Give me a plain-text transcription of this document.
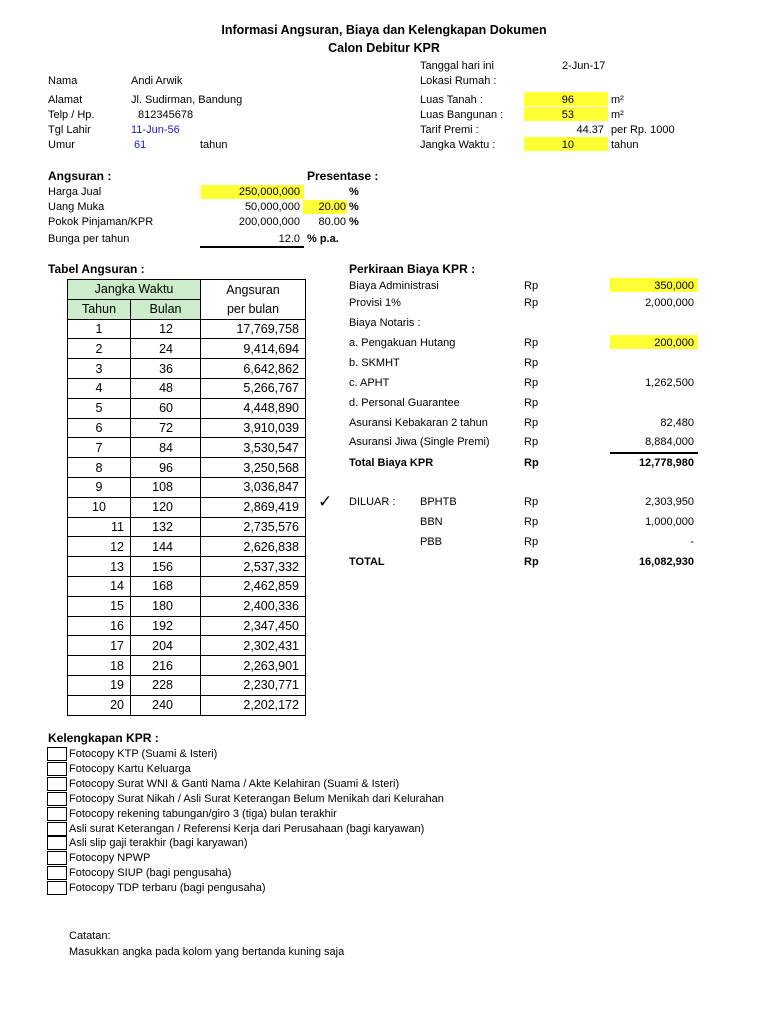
Informasi Angsuran, Biaya dan Kelengkapan Dokumen
Calon Debitur KPR
Nama	Andi Arwik
Alamat	Jl. Sudirman, Bandung
Telp / Hp.	812345678
Tgl Lahir	11-Jun-56
Umur	61	tahun
Tanggal hari ini	2-Jun-17
Lokasi Rumah :
Luas Tanah :	96	m²
Luas Bangunan :	53	m²
Tarif Premi :	44.37 per Rp. 1000
Jangka Waktu :	10	tahun
Angsuran :	Presentase :
Harga Jual	250,000,000	%
Uang Muka	50,000,000	20.00 %
Pokok Pinjaman/KPR	200,000,000	80.00 %
Bunga per tahun	12.0 % p.a.
Tabel Angsuran :
Jangka Waktu		Angsuran
Tahun	Bulan	per bulan
1	12	17,769,758
2	24	9,414,694
3	36	6,642,862
4	48	5,266,767
5	60	4,448,890
6	72	3,910,039
7	84	3,530,547
8	96	3,250,568
9	108	3,036,847
10	120	2,869,419
11	132	2,735,576
12	144	2,626,838
13	156	2,537,332
14	168	2,462,859
15	180	2,400,336
16	192	2,347,450
17	204	2,302,431
18	216	2,263,901
19	228	2,230,771
20	240	2,202,172
Perkiraan Biaya KPR :
Biaya Administrasi	Rp	350,000
Provisi 1%	Rp	2,000,000
Biaya Notaris :
a. Pengakuan Hutang	Rp	200,000
b. SKMHT	Rp
c. APHT	Rp	1,262,500
d. Personal Guarantee	Rp
Asuransi Kebakaran 2 tahun	Rp	82,480
Asuransi Jiwa (Single Premi)	Rp	8,884,000
Total Biaya KPR	Rp	12,778,980
✓ DILUAR : BPHTB	Rp	2,303,950
BBN	Rp	1,000,000
PBB	Rp	-
TOTAL	Rp	16,082,930
Kelengkapan KPR :
Fotocopy KTP (Suami & Isteri)
Fotocopy Kartu Keluarga
Fotocopy Surat WNI & Ganti Nama / Akte Kelahiran (Suami & Isteri)
Fotocopy Surat Nikah / Asli Surat Keterangan Belum Menikah dari Kelurahan
Fotocopy rekening tabungan/giro 3 (tiga) bulan terakhir
Asli surat Keterangan / Referensi Kerja dari Perusahaan (bagi karyawan)
Asli slip gaji terakhir (bagi karyawan)
Fotocopy NPWP
Fotocopy SIUP (bagi pengusaha)
Fotocopy TDP terbaru (bagi pengusaha)
Catatan:
Masukkan angka pada kolom yang bertanda kuning saja
